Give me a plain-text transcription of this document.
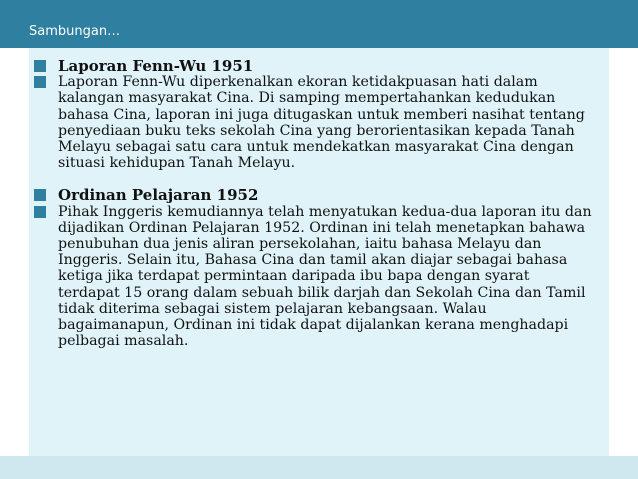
Sambungan…
Laporan Fenn-Wu 1951
Laporan Fenn-Wu diperkenalkan ekoran ketidakpuasan hati dalam kalangan masyarakat Cina. Di samping mempertahankan kedudukan bahasa Cina, laporan ini juga ditugaskan untuk memberi nasihat tentang penyediaan buku teks sekolah Cina yang berorientasikan kepada Tanah Melayu sebagai satu cara untuk mendekatkan masyarakat Cina dengan situasi kehidupan Tanah Melayu.
Ordinan Pelajaran 1952
Pihak Inggeris kemudiannya telah menyatukan kedua-dua laporan itu dan dijadikan Ordinan Pelajaran 1952. Ordinan ini telah menetapkan bahawa penubuhan dua jenis aliran persekolahan, iaitu bahasa Melayu dan Inggeris. Selain itu, Bahasa Cina dan tamil akan diajar sebagai bahasa ketiga jika terdapat permintaan daripada ibu bapa dengan syarat terdapat 15 orang dalam sebuah bilik darjah dan Sekolah Cina dan Tamil tidak diterima sebagai sistem pelajaran kebangsaan. Walau bagaimanapun, Ordinan ini tidak dapat dijalankan kerana menghadapi pelbagai masalah.
